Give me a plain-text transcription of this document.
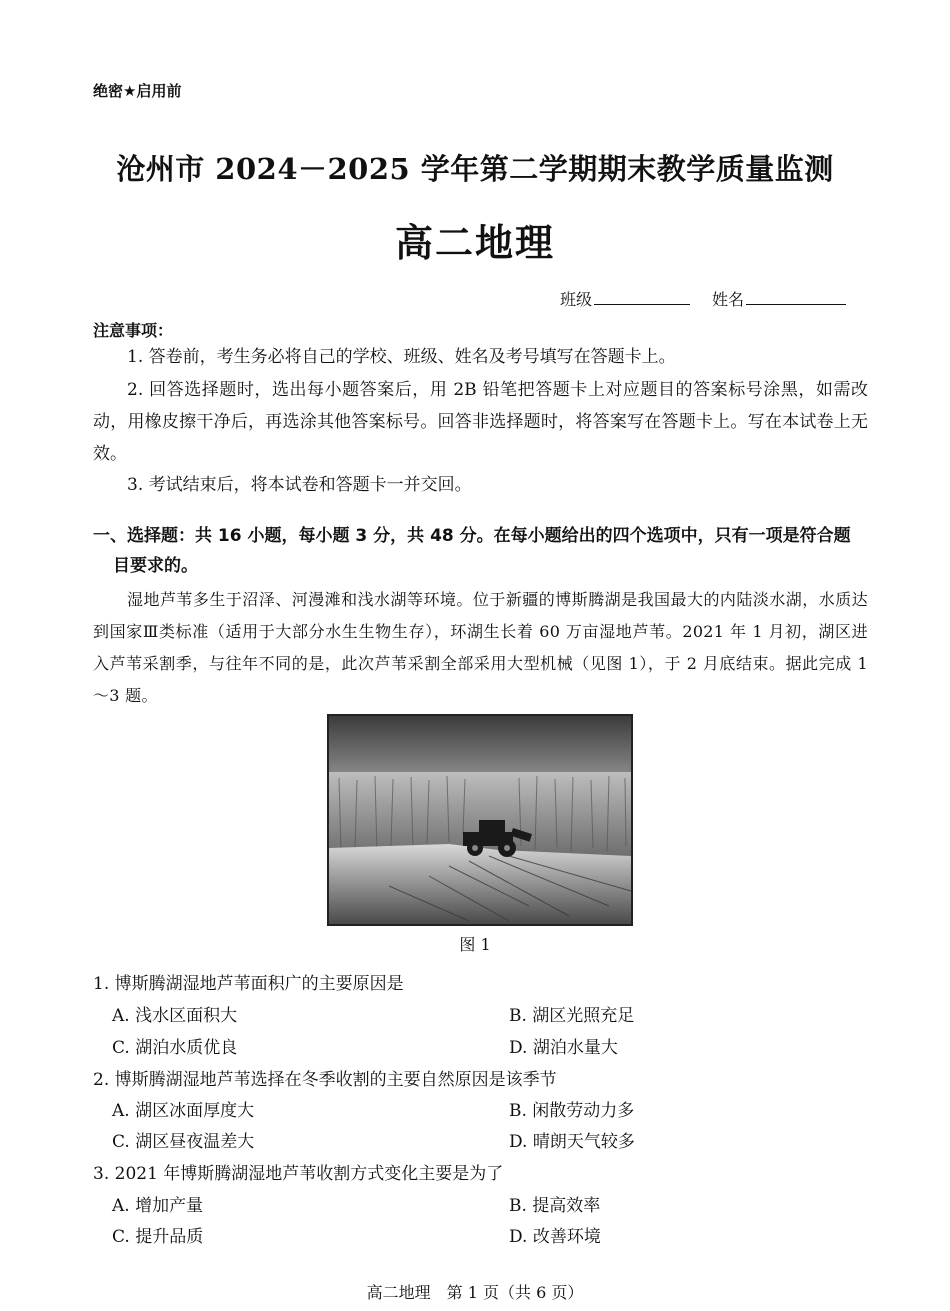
绝密★启用前
沧州市 2024－2025 学年第二学期期末教学质量监测
高二地理
班级	姓名
注意事项：
1. 答卷前，考生务必将自己的学校、班级、姓名及考号填写在答题卡上。
2. 回答选择题时，选出每小题答案后，用 2B 铅笔把答题卡上对应题目的答案标号涂黑，如需改动，用橡皮擦干净后，再选涂其他答案标号。回答非选择题时，将答案写在答题卡上。写在本试卷上无效。
3. 考试结束后，将本试卷和答题卡一并交回。
一、选择题：共 16 小题，每小题 3 分，共 48 分。在每小题给出的四个选项中，只有一项是符合题
目要求的。
湿地芦苇多生于沼泽、河漫滩和浅水湖等环境。位于新疆的博斯腾湖是我国最大的内陆淡水湖，水质达到国家Ⅲ类标准（适用于大部分水生生物生存），环湖生长着 60 万亩湿地芦苇。2021 年 1 月初，湖区进入芦苇采割季，与往年不同的是，此次芦苇采割全部采用大型机械（见图 1），于 2 月底结束。据此完成 1～3 题。
图 1
1. 博斯腾湖湿地芦苇面积广的主要原因是
A. 浅水区面积大	B. 湖区光照充足
C. 湖泊水质优良	D. 湖泊水量大
2. 博斯腾湖湿地芦苇选择在冬季收割的主要自然原因是该季节
A. 湖区冰面厚度大	B. 闲散劳动力多
C. 湖区昼夜温差大	D. 晴朗天气较多
3. 2021 年博斯腾湖湿地芦苇收割方式变化主要是为了
A. 增加产量	B. 提高效率
C. 提升品质	D. 改善环境
高二地理　第 1 页（共 6 页）
